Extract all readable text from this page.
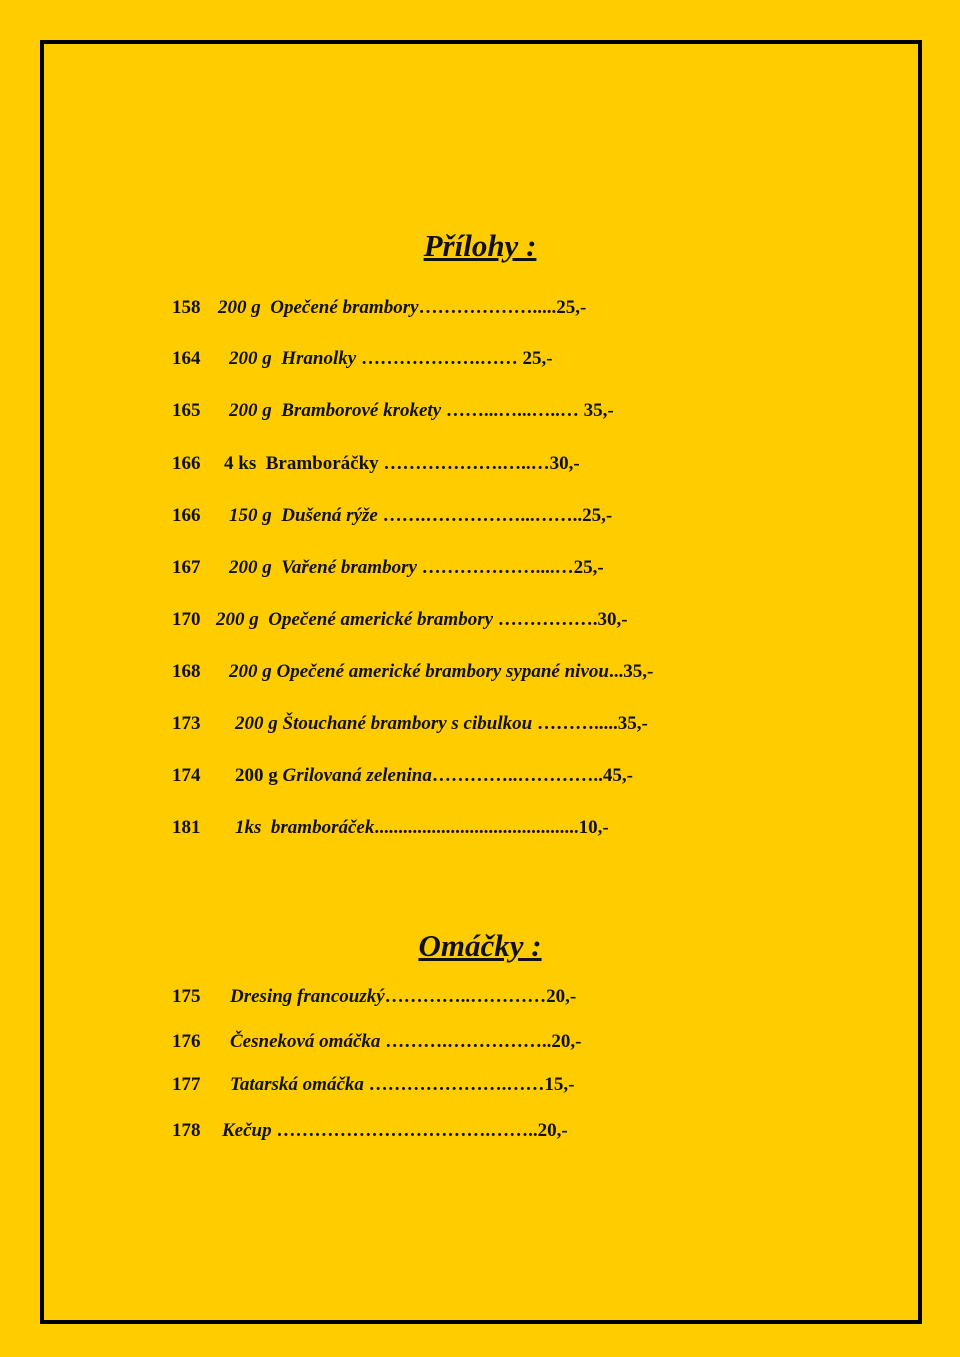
Přílohy :
158 200 g Opečené brambory……………….....25,-
164 200 g Hranolky ……………….…… 25,-
165 200 g Bramborové krokety ……...…...…..… 35,-
166 4 ks Bramboráčky ……………….…..…30,-
166 150 g Dušená rýže …….……………...……..25,-
167 200 g Vařené brambory ………………....…25,-
170 200 g Opečené americké brambory …………….30,-
168 200 g Opečené americké brambory sypané nivou...35,-
173 200 g Štouchané brambory s cibulkou ……….....35,-
174 200 g Grilovaná zelenina…………..…………..45,-
181 1ks bramboráček...........................................10,-
Omáčky :
175 Dresing francouzký…………..…………20,-
176 Česneková omáčka ……….……………..20,-
177 Tatarská omáčka ………………….……15,-
178 Kečup …………………………….……..20,-
